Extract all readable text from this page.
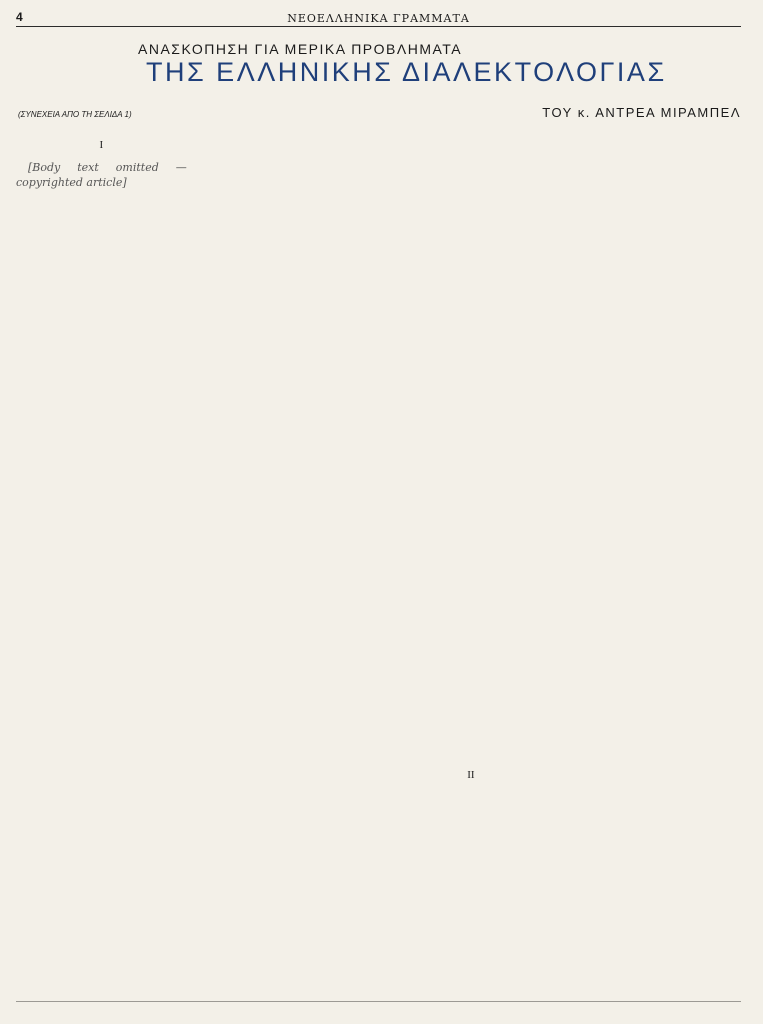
4	ΝΕΟΕΛΛΗΝΙΚΑ ΓΡΑΜΜΑΤΑ
ΑΝΑΣΚΟΠΗΣΗ ΓΙΑ ΜΕΡΙΚΑ ΠΡΟΒΛΗΜΑΤΑ
ΤΗΣ ΕΛΛΗΝΙΚΗΣ ΔΙΑΛΕΚΤΟΛΟΓΙΑΣ
(ΣΥΝΕΧΕΙΑ ΑΠΟ ΤΗ ΣΕΛΙΔΑ 1)	ΤΟΥ κ. ΑΝΤΡΕΑ ΜΙΡΑΜΠΕΛ
I

[Body text omitted — copyrighted article]

II
